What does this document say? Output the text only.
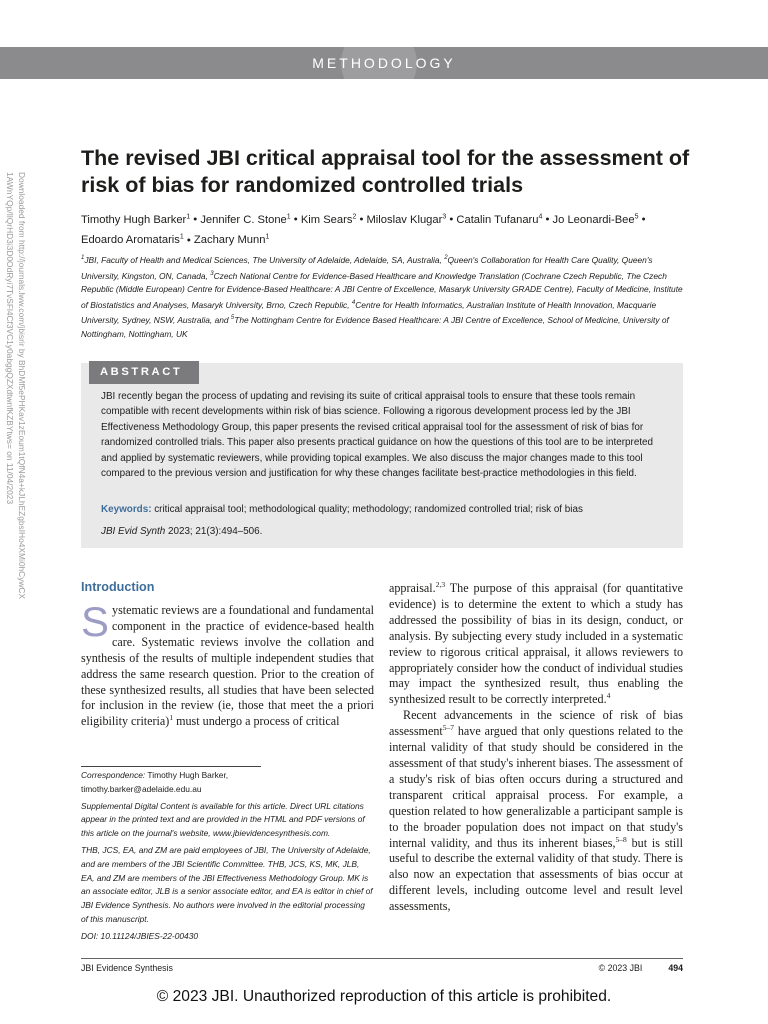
METHODOLOGY
Downloaded from http://journals.lww.com/jbisrir by BhDMf5ePHKav1zEoum1tQfN4a+kJLhEZgbsIHo4XMi0hCywCX
1AWnYQp/IlQrHD3i3D0OdRyi7TvSFl4Cf3VC1y0abggQZXdtwnfKZBYtws= on 11/04/2023
The revised JBI critical appraisal tool for the assessment of risk of bias for randomized controlled trials
Timothy Hugh Barker$^1$ • Jennifer C. Stone$^1$ • Kim Sears$^2$ • Miloslav Klugar$^3$ • Catalin Tufanaru$^4$ • Jo Leonardi-Bee$^5$ • Edoardo Aromataris$^1$ • Zachary Munn$^1$
$^1$JBI, Faculty of Health and Medical Sciences, The University of Adelaide, Adelaide, SA, Australia, $^2$Queen's Collaboration for Health Care Quality, Queen's University, Kingston, ON, Canada, $^3$Czech National Centre for Evidence-Based Healthcare and Knowledge Translation (Cochrane Czech Republic, The Czech Republic (Middle European) Centre for Evidence-Based Healthcare: A JBI Centre of Excellence, Masaryk University GRADE Centre), Faculty of Medicine, Institute of Biostatistics and Analyses, Masaryk University, Brno, Czech Republic, $^4$Centre for Health Informatics, Australian Institute of Health Innovation, Macquarie University, Sydney, NSW, Australia, and $^5$The Nottingham Centre for Evidence Based Healthcare: A JBI Centre of Excellence, School of Medicine, University of Nottingham, Nottingham, UK
ABSTRACT

JBI recently began the process of updating and revising its suite of critical appraisal tools to ensure that these tools remain compatible with recent developments within risk of bias science. Following a rigorous development process led by the JBI Effectiveness Methodology Group, this paper presents the revised critical appraisal tool for the assessment of risk of bias for randomized controlled trials. This paper also presents practical guidance on how the questions of this tool are to be interpreted and applied by systematic reviewers, while providing topical examples. We also discuss the major changes made to this tool compared to the previous version and justification for why these changes facilitate best-practice methodologies in this field.

Keywords: critical appraisal tool; methodological quality; methodology; randomized controlled trial; risk of bias
JBI Evid Synth 2023; 21(3):494–506.
Introduction

Systematic reviews are a foundational and fundamental component in the practice of evidence-based health care. Systematic reviews involve the collation and synthesis of the results of multiple independent studies that address the same research question. Prior to the creation of these synthesized results, all studies that have been selected for inclusion in the review (ie, those that meet the a priori eligibility criteria)$^1$ must undergo a process of critical

appraisal.$^{2,3}$ The purpose of this appraisal (for quantitative evidence) is to determine the extent to which a study has addressed the possibility of bias in its design, conduct, or analysis. By subjecting every study included in a systematic review to rigorous critical appraisal, it allows reviewers to appropriately consider how the conduct of individual studies may impact the synthesized result, thus enabling the synthesized result to be correctly interpreted.$^4$

Recent advancements in the science of risk of bias assessment$^{5-7}$ have argued that only questions related to the internal validity of that study should be considered in the assessment of that study's inherent biases. The assessment of a study's risk of bias often occurs during a structured and transparent critical appraisal process. For example, a question related to how generalizable a participant sample is to the broader population does not impact on that study's internal validity, and thus its inherent biases,$^{5-8}$ but is still useful to describe the external validity of that study. There is also now an expectation that assessments of bias occur at different levels, including outcome level and result level assessments,

Correspondence: Timothy Hugh Barker,
timothy.barker@adelaide.edu.au

Supplemental Digital Content is available for this article. Direct URL citations appear in the printed text and are provided in the HTML and PDF versions of this article on the journal's website, www.jbievidencesynthesis.com.

THB, JCS, EA, and ZM are paid employees of JBI, The University of Adelaide, and are members of the JBI Scientific Committee. THB, JCS, KS, MK, JLB, EA, and ZM are members of the JBI Effectiveness Methodology Group. MK is an associate editor, JLB is a senior associate editor, and EA is editor in chief of JBI Evidence Synthesis. No authors were involved in the editorial processing of this manuscript.

DOI: 10.11124/JBIES-22-00430

JBI Evidence Synthesis	© 2023 JBI	494
© 2023 JBI. Unauthorized reproduction of this article is prohibited.
